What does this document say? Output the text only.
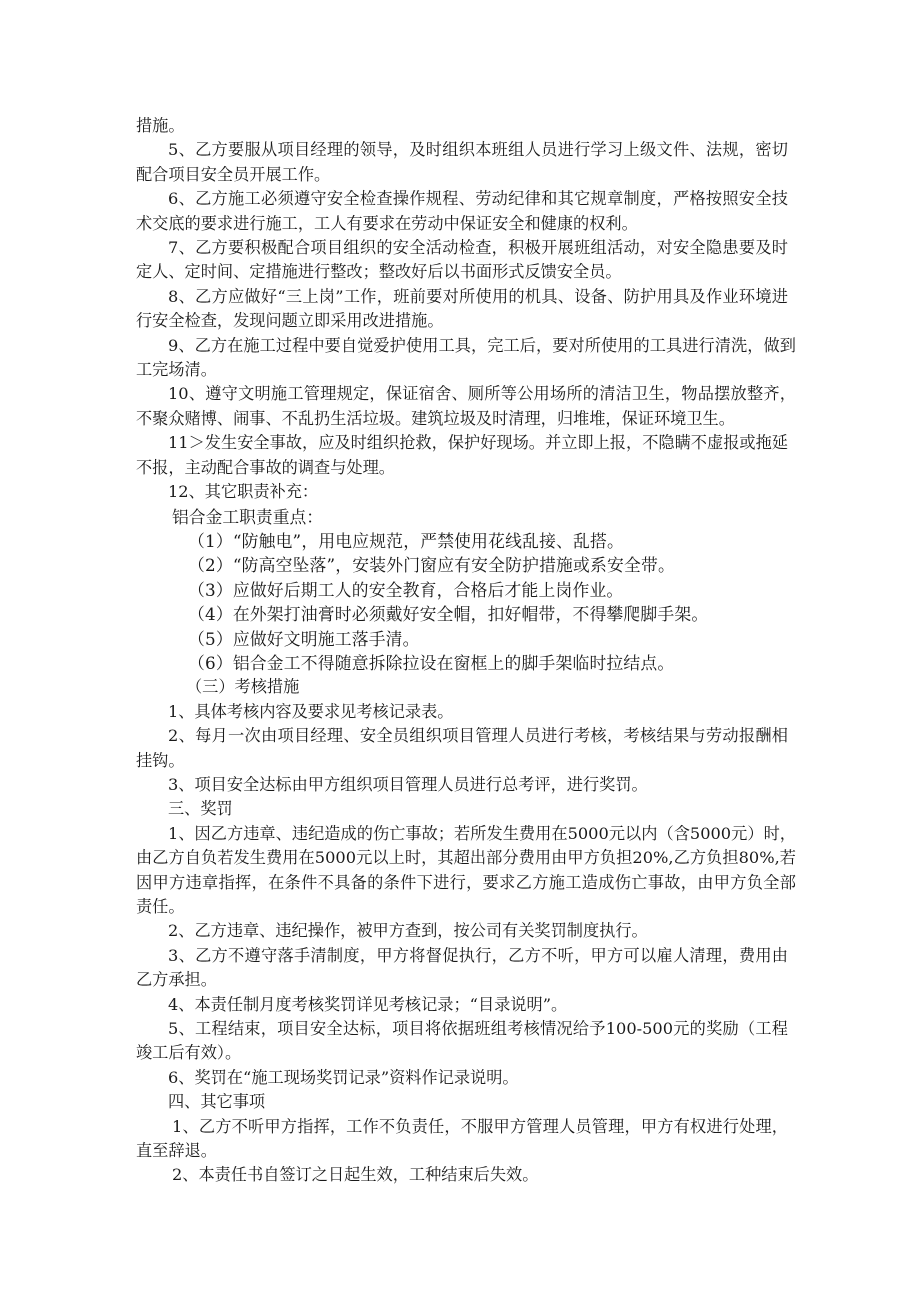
措施。

5、乙方要服从项目经理的领导，及时组织本班组人员进行学习上级文件、法规，密切配合项目安全员开展工作。

6、乙方施工必须遵守安全检查操作规程、劳动纪律和其它规章制度，严格按照安全技术交底的要求进行施工，工人有要求在劳动中保证安全和健康的权利。

7、乙方要积极配合项目组织的安全活动检查，积极开展班组活动，对安全隐患要及时定人、定时间、定措施进行整改；整改好后以书面形式反馈安全员。

8、乙方应做好“三上岗”工作，班前要对所使用的机具、设备、防护用具及作业环境进行安全检查，发现问题立即采用改进措施。

9、乙方在施工过程中要自觉爱护使用工具，完工后，要对所使用的工具进行清洗，做到工完场清。

10、遵守文明施工管理规定，保证宿舍、厕所等公用场所的清洁卫生，物品摆放整齐，不聚众赌博、闹事、不乱扔生活垃圾。建筑垃圾及时清理，归堆堆，保证环境卫生。

11＞发生安全事故，应及时组织抢救，保护好现场。并立即上报，不隐瞒不虚报或拖延不报，主动配合事故的调查与处理。

12、其它职责补充：

铝合金工职责重点：

（1）“防触电”，用电应规范，严禁使用花线乱接、乱搭。

（2）“防高空坠落”，安装外门窗应有安全防护措施或系安全带。

（3）应做好后期工人的安全教育，合格后才能上岗作业。

（4）在外架打油膏时必须戴好安全帽，扣好帽带，不得攀爬脚手架。

（5）应做好文明施工落手清。

（6）铝合金工不得随意拆除拉设在窗框上的脚手架临时拉结点。

（三）考核措施

1、具体考核内容及要求见考核记录表。

2、每月一次由项目经理、安全员组织项目管理人员进行考核，考核结果与劳动报酬相挂钩。

3、项目安全达标由甲方组织项目管理人员进行总考评，进行奖罚。

三、奖罚

1、因乙方违章、违纪造成的伤亡事故；若所发生费用在5000元以内（含5000元）时，由乙方自负若发生费用在5000元以上时，其超出部分费用由甲方负担20%,乙方负担80%,若因甲方违章指挥，在条件不具备的条件下进行，要求乙方施工造成伤亡事故，由甲方负全部责任。

2、乙方违章、违纪操作，被甲方查到，按公司有关奖罚制度执行。

3、乙方不遵守落手清制度，甲方将督促执行，乙方不听，甲方可以雇人清理，费用由乙方承担。

4、本责任制月度考核奖罚详见考核记录；“目录说明”。

5、工程结束，项目安全达标，项目将依据班组考核情况给予100-500元的奖励（工程竣工后有效）。

6、奖罚在“施工现场奖罚记录”资料作记录说明。

四、其它事项

1、乙方不听甲方指挥，工作不负责任，不服甲方管理人员管理，甲方有权进行处理，直至辞退。

2、本责任书自签订之日起生效，工种结束后失效。
